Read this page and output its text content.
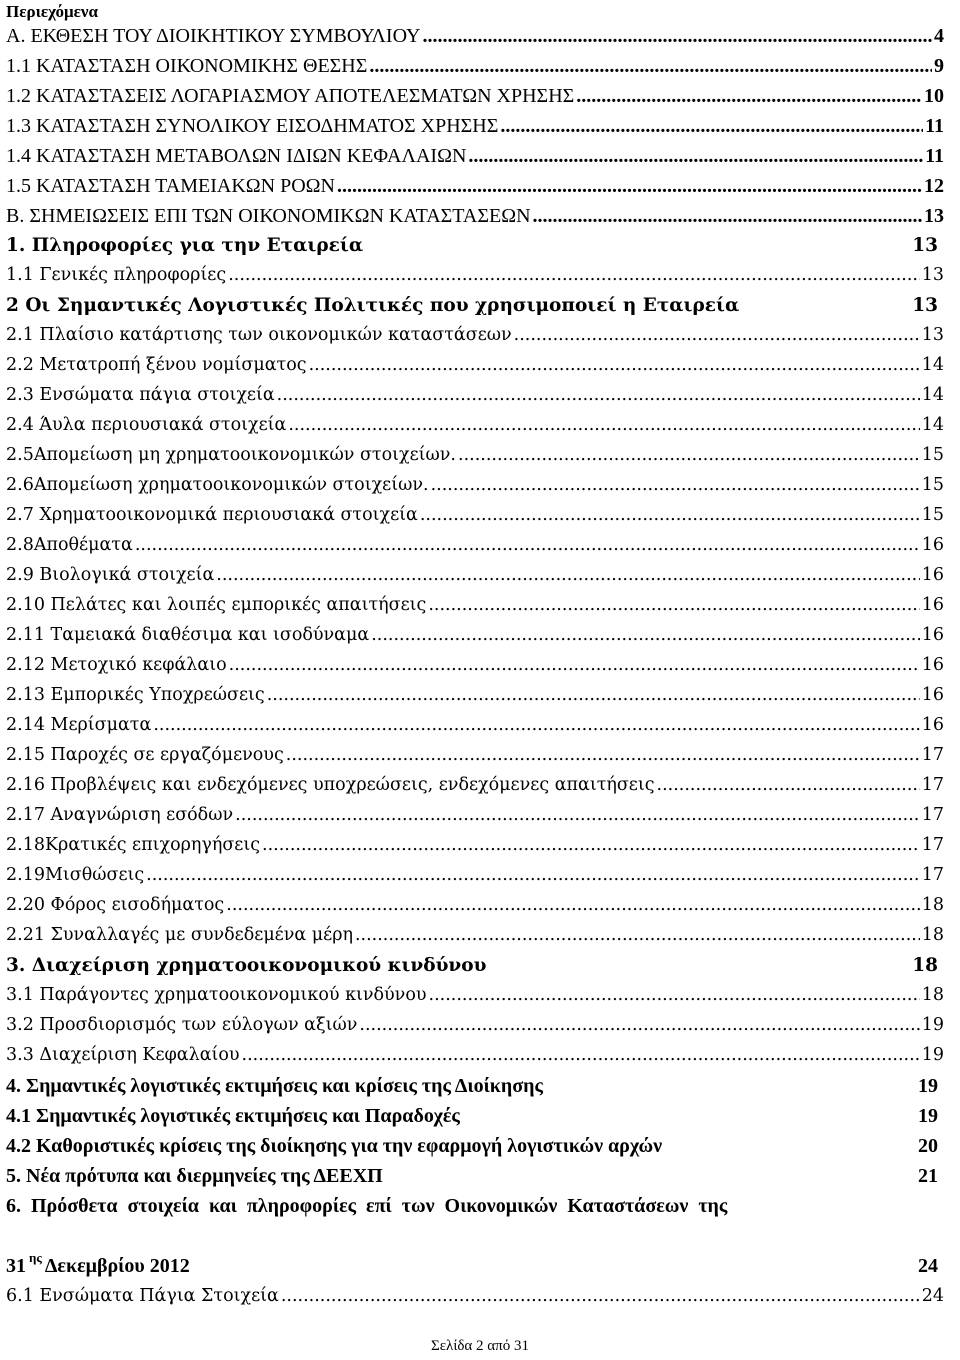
Περιεχόμενα
Α. ΕΚΘΕΣΗ ΤΟΥ ΔΙΟΙΚΗΤΙΚΟΥ ΣΥΜΒΟΥΛΙΟΥ .....	4
1.1 ΚΑΤΑΣΤΑΣΗ ΟΙΚΟΝΟΜΙΚΗΣ ΘΕΣΗΣ .....	9
1.2 ΚΑΤΑΣΤΑΣΕΙΣ ΛΟΓΑΡΙΑΣΜΟΥ ΑΠΟΤΕΛΕΣΜΑΤΩΝ ΧΡΗΣΗΣ .....	10
1.3 ΚΑΤΑΣΤΑΣΗ ΣΥΝΟΛΙΚΟΥ ΕΙΣΟΔΗΜΑΤΟΣ ΧΡΗΣΗΣ .....	11
1.4 ΚΑΤΑΣΤΑΣΗ ΜΕΤΑΒΟΛΩΝ ΙΔΙΩΝ ΚΕΦΑΛΑΙΩΝ .....	11
1.5 ΚΑΤΑΣΤΑΣΗ ΤΑΜΕΙΑΚΩΝ ΡΟΩΝ .....	12
Β. ΣΗΜΕΙΩΣΕΙΣ ΕΠΙ ΤΩΝ ΟΙΚΟΝΟΜΙΚΩΝ ΚΑΤΑΣΤΑΣΕΩΝ .....	13
1. Πληροφορίες για την Εταιρεία	13
1.1 Γενικές πληροφορίες .....	13
2 Οι Σημαντικές Λογιστικές Πολιτικές που χρησιμοποιεί η Εταιρεία	13
2.1 Πλαίσιο κατάρτισης των οικονομικών καταστάσεων .....	13
2.2 Μετατροπή ξένου νομίσματος .....	14
2.3 Ενσώματα πάγια στοιχεία .....	14
2.4 Άυλα περιουσιακά στοιχεία .....	14
2.5Απομείωση μη χρηματοοικονομικών στοιχείων. .....	15
2.6Απομείωση χρηματοοικονομικών στοιχείων. .....	15
2.7 Χρηματοοικονομικά περιουσιακά στοιχεία .....	15
2.8Αποθέματα .....	16
2.9 Βιολογικά στοιχεία .....	16
2.10 Πελάτες και λοιπές εμπορικές απαιτήσεις .....	16
2.11 Ταμειακά διαθέσιμα και ισοδύναμα .....	16
2.12 Μετοχικό κεφάλαιο .....	16
2.13 Εμπορικές Υποχρεώσεις .....	16
2.14 Μερίσματα .....	16
2.15 Παροχές σε εργαζόμενους .....	17
2.16 Προβλέψεις και ενδεχόμενες υποχρεώσεις, ενδεχόμενες απαιτήσεις .....	17
2.17 Αναγνώριση εσόδων .....	17
2.18Κρατικές επιχορηγήσεις .....	17
2.19Μισθώσεις .....	17
2.20 Φόρος εισοδήματος .....	18
2.21 Συναλλαγές με συνδεδεμένα μέρη .....	18
3. Διαχείριση χρηματοοικονομικού κινδύνου	18
3.1 Παράγοντες χρηματοοικονομικού κινδύνου .....	18
3.2 Προσδιορισμός των εύλογων αξιών .....	19
3.3 Διαχείριση Κεφαλαίου .....	19
4. Σημαντικές λογιστικές εκτιμήσεις και κρίσεις της Διοίκησης	19
4.1 Σημαντικές λογιστικές εκτιμήσεις και Παραδοχές	19
4.2 Καθοριστικές κρίσεις της διοίκησης για την εφαρμογή λογιστικών αρχών	20
5. Νέα πρότυπα και διερμηνείες της ΔΕΕΧΠ	21
6.  Πρόσθετα  στοιχεία  και  πληροφορίες  επί  των  Οικονομικών  Καταστάσεων  της
31 $^{\eta\varsigma}$ Δεκεμβρίου 2012	24
6.1 Ενσώματα Πάγια Στοιχεία .....	24
Σελίδα 2 από 31
